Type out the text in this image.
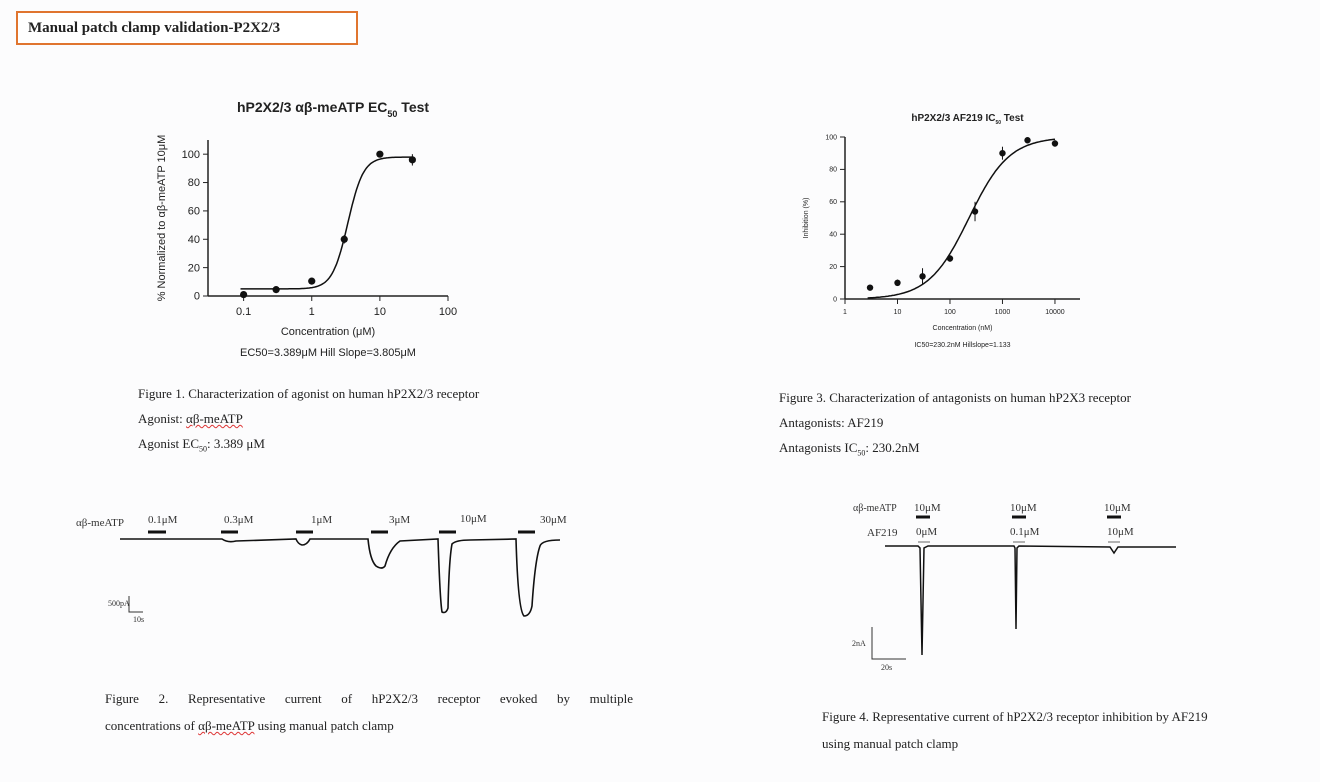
Manual patch clamp validation-P2X2/3
0
20
40
60
80
100
0.1	1	10	100
hP2X2/3 αβ-meATP $EC_{50}$ Test
Concentration (μM)
EC50=3.389μM Hill Slope=3.805μM
% Normalized to αβ-meATP 10μM	0
20
40
60
80
100
1	10	100	1000	10000
hP2X2/3 AF219 $IC_{50}$ Test
Concentration (nM)
IC50=230.2nM Hillslope=1.133
Inhibition (%)
αβ-meATP 0.1μM	0.3μM	1μM	3μM	10μM	30μM
500pA
10s
αβ-meATP 10μM	10μM	10μM
AF219 0μM	0.1μM	10μM
2nA
20s
Figure 1. Characterization of agonist on human hP2X2/3 receptor
Agonist: αβ-meATP
Agonist $EC_{50}$: 3.389 μM
Figure 3. Characterization of antagonists on human hP2X3 receptor
Antagonists: AF219
Antagonists $IC_{50}$: 230.2nM
Figure 2. Representative current of hP2X2/3 receptor evoked by multiple
concentrations of αβ-meATP using manual patch clamp
Figure 4. Representative current of hP2X2/3 receptor inhibition by AF219
using manual patch clamp
